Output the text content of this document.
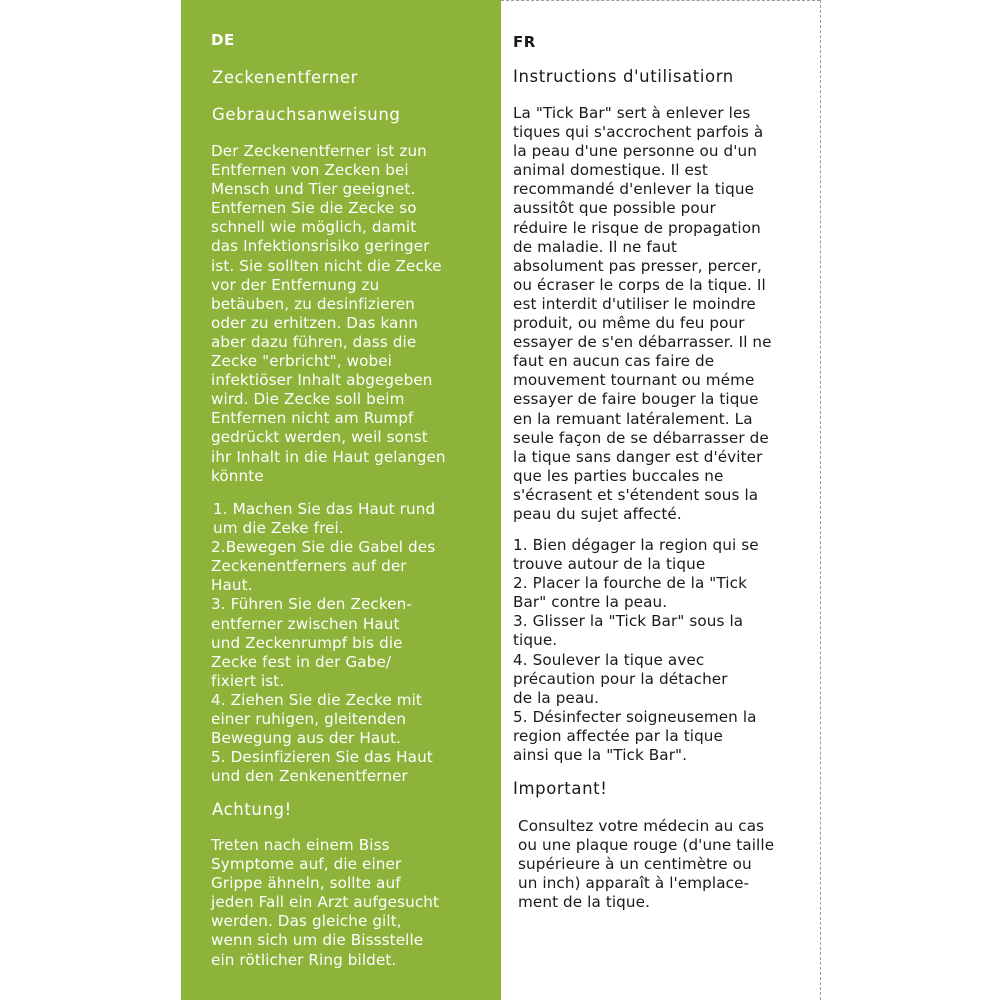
DE
Zeckenentferner
Gebrauchsanweisung
Der Zeckenentferner ist zun
Entfernen von Zecken bei
Mensch und Tier geeignet.
Entfernen Sie die Zecke so
schnell wie möglich, damit
das Infektionsrisiko geringer
ist. Sie sollten nicht die Zecke
vor der Entfernung zu
betäuben, zu desinfizieren
oder zu erhitzen. Das kann
aber dazu führen, dass die
Zecke "erbricht", wobei
infektiöser Inhalt abgegeben
wird. Die Zecke soll beim
Entfernen nicht am Rumpf
gedrückt werden, weil sonst
ihr Inhalt in die Haut gelangen
könnte
1. Machen Sie das Haut rund
um die Zeke frei.
2.Bewegen Sie die Gabel des
Zeckenentferners auf der
Haut.
3. Führen Sie den Zecken-
entferner zwischen Haut
und Zeckenrumpf bis die
Zecke fest in der Gabe/
fixiert ist.
4. Ziehen Sie die Zecke mit
einer ruhigen, gleitenden
Bewegung aus der Haut.
5. Desinfizieren Sie das Haut
und den Zenkenentferner
Achtung!
Treten nach einem Biss
Symptome auf, die einer
Grippe ähneln, sollte auf
jeden Fall ein Arzt aufgesucht
werden. Das gleiche gilt,
wenn sich um die Bissstelle
ein rötlicher Ring bildet.
FR
Instructions d'utilisatiorn
La "Tick Bar" sert à enlever les
tiques qui s'accrochent parfois à
la peau d'une personne ou d'un
animal domestique. Il est
recommandé d'enlever la tique
aussitôt que possible pour
réduire le risque de propagation
de maladie. Il ne faut
absolument pas presser, percer,
ou écraser le corps de la tique. Il
est interdit d'utiliser le moindre
produit, ou même du feu pour
essayer de s'en débarrasser. Il ne
faut en aucun cas faire de
mouvement tournant ou méme
essayer de faire bouger la tique
en la remuant latéralement. La
seule façon de se débarrasser de
la tique sans danger est d'éviter
que les parties buccales ne
s'écrasent et s'étendent sous la
peau du sujet affecté.
1. Bien dégager la region qui se
trouve autour de la tique
2. Placer la fourche de la "Tick
Bar" contre la peau.
3. Glisser la "Tick Bar" sous la
tique.
4. Soulever la tique avec
précaution pour la détacher
de la peau.
5. Désinfecter soigneusemen la
region affectée par la tique
ainsi que la "Tick Bar".
Important!
Consultez votre médecin au cas
ou une plaque rouge (d'une taille
supérieure à un centimètre ou
un inch) apparaît à l'emplace-
ment de la tique.
